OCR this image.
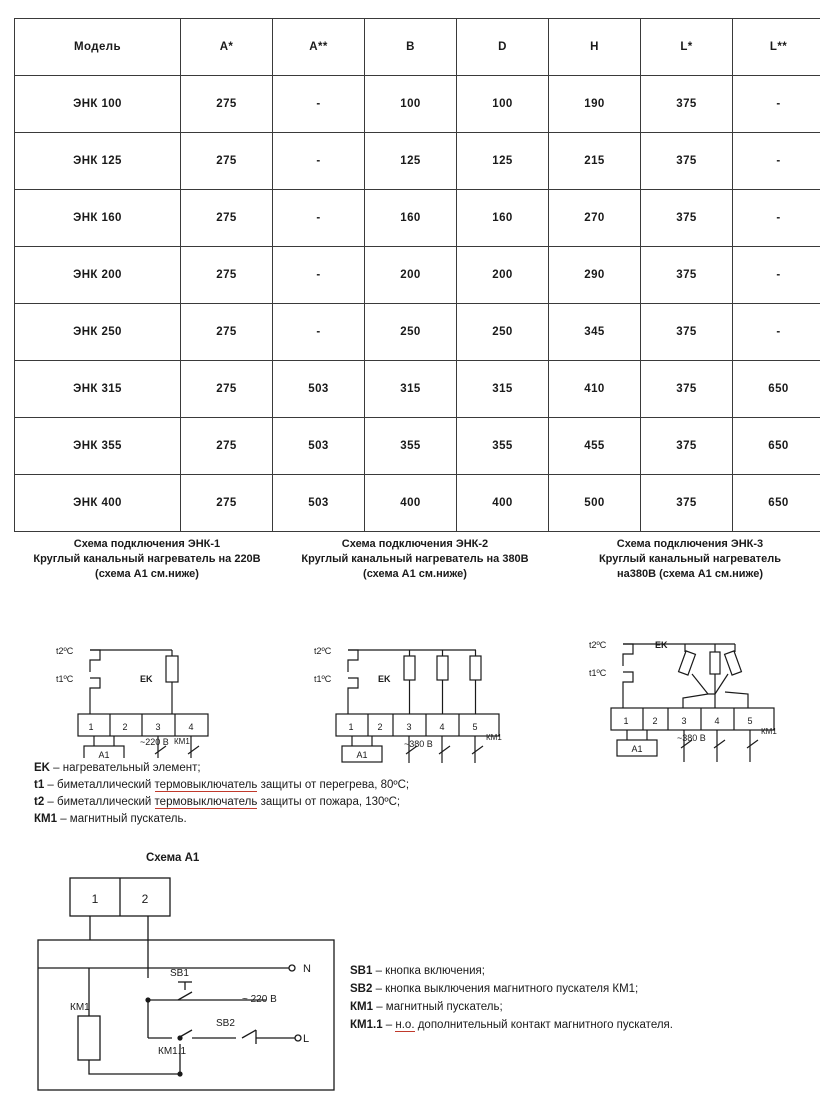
Модель	A*	A**	B	D	H	L*	L**
ЭНК 100	275	-	100	100	190	375	-
ЭНК 125	275	-	125	125	215	375	-
ЭНК 160	275	-	160	160	270	375	-
ЭНК 200	275	-	200	200	290	375	-
ЭНК 250	275	-	250	250	345	375	-
ЭНК 315	275	503	315	315	410	375	650
ЭНК 355	275	503	355	355	455	375	650
ЭНК 400	275	503	400	400	500	375	650
Схема подключения ЭНК-1
Круглый канальный нагреватель на 220В
(схема А1 см.ниже)
t2ºC
t1ºC	EK
1	2	3	4
A1
КМ1
~220 В
Схема подключения ЭНК-2
Круглый канальный нагреватель на 380В
(схема А1 см.ниже)
t2ºC
t1ºC	EK
1	2	3	4	5
A1
КМ1
~380 В
Схема подключения ЭНК-3
Круглый канальный нагреватель
на380В (схема А1 см.ниже)
t2ºC
t1ºC
EK
1	2	3	4	5
A1
КМ1
~380 В
EK – нагревательный элемент;
t1 – биметаллический термовыключатель защиты от перегрева, 80ºC;
t2 – биметаллический термовыключатель защиты от пожара, 130ºC;
КМ1 – магнитный пускатель.
Схема А1
1	2
N
L
SB1
SB2
КМ1
КМ1.1
~ 220 В
SB1 – кнопка включения;
SB2 – кнопка выключения магнитного пускателя КМ1;
КМ1 – магнитный пускатель;
КМ1.1 – н.о. дополнительный контакт магнитного пускателя.
